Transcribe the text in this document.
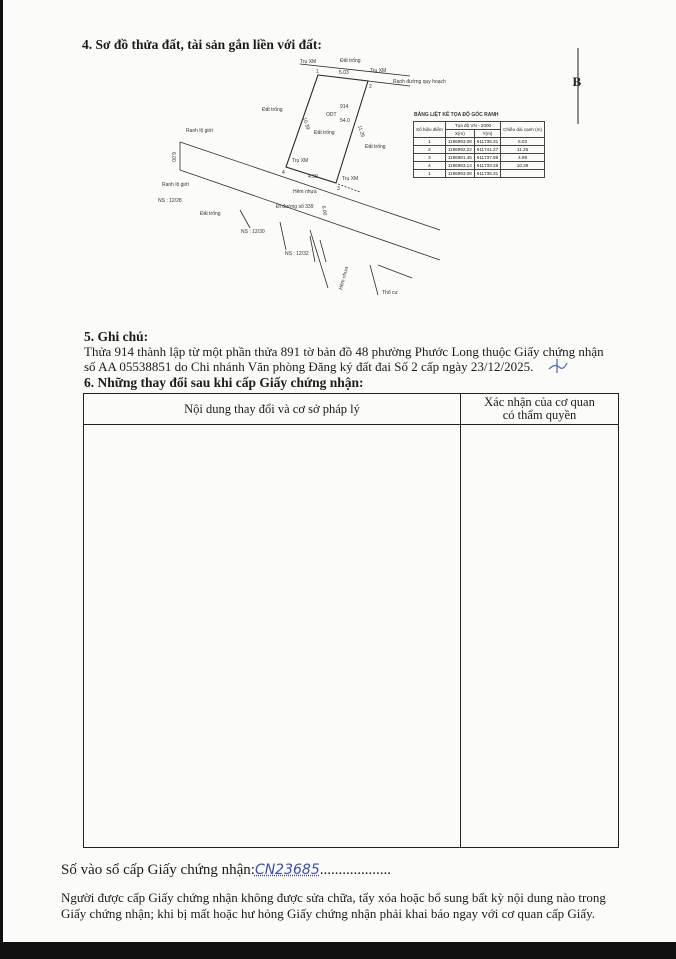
4. Sơ đồ thửa đất, tài sản gắn liền với đất:
Trụ XM	Đất trống
Trụ XM
5.03
Ranh đường quy hoạch
Đất trống	914
ODT
54.0
Đất trống
Đất trống
Ranh lộ giới
Trụ XM
Trụ XM
Hẻm nhựa
Đi đường số 339
Ranh lộ giới
NS : 12/28
Đất trống
NS : 12/30
NS : 12/32
Hẻm nhựa
Thổ cư
10.39
11.26
4.99
6.00
6.00
1
2
3
4
B
BẢNG LIỆT KÊ TỌA ĐỘ GÓC RANH
Số hiệu điểm	Tọa độ VN - 2000		Chiều dài cạnh (m)
	X(m)	Y(m)	
1	1196993.08	611736.31	5.03
2	1196992.22	611741.27	11.26
3	1196981.45	611737.98	4.99
4	1196983.14	611733.28	10.39
1	1196993.08	611736.31	
5. Ghi chú:
Thửa 914 thành lập từ một phần thửa 891 tờ bản đồ 48 phường Phước Long thuộc Giấy chứng nhận
số AA 05538851 do Chi nhánh Văn phòng Đăng ký đất đai Số 2 cấp ngày 23/12/2025.
6. Những thay đổi sau khi cấp Giấy chứng nhận:
Nội dung thay đổi và cơ sở pháp lý	Xác nhận của cơ quan
có thẩm quyền

Số vào sổ cấp Giấy chứng nhận:CN23685...................
Người được cấp Giấy chứng nhận không được sửa chữa, tẩy xóa hoặc bổ sung bất kỳ nội dung nào trong
Giấy chứng nhận; khi bị mất hoặc hư hỏng Giấy chứng nhận phải khai báo ngay với cơ quan cấp Giấy.
